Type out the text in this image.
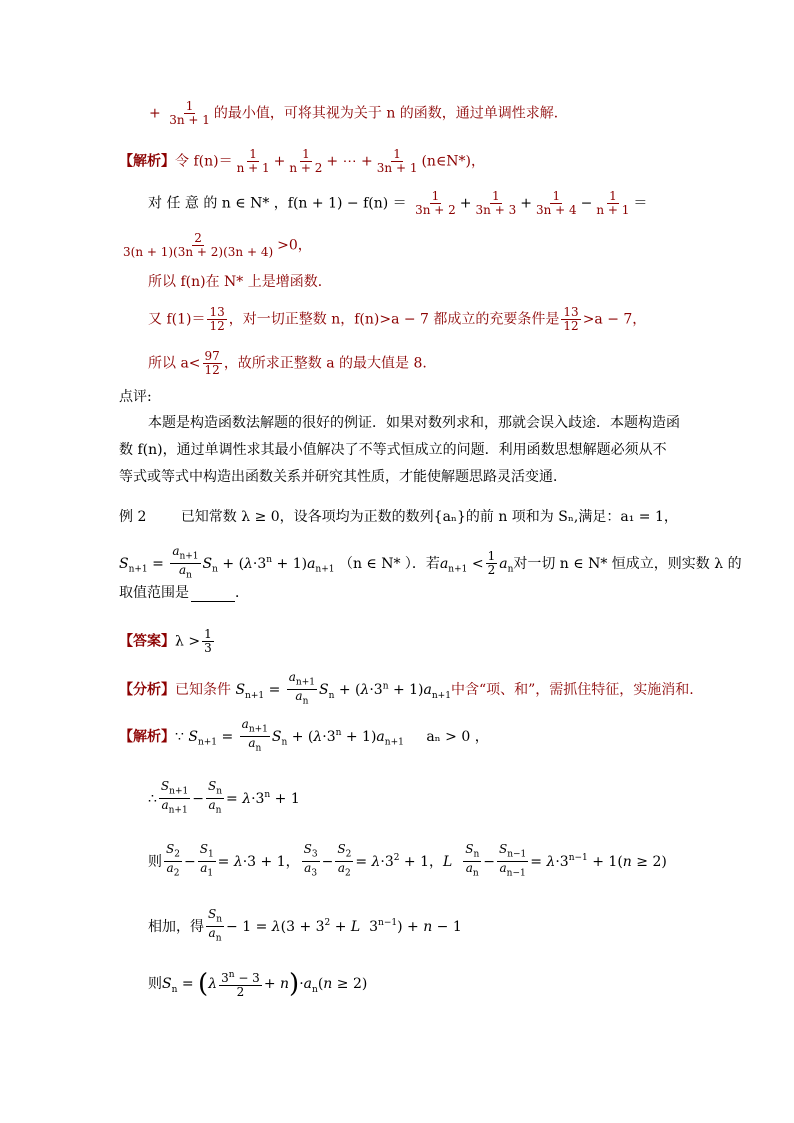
+ $\frac{1}{3n + 1}$ 的最小值，可将其视为关于 n 的函数，通过单调性求解．
【解析】令 $f(n)= \frac{1}{n + 1} + \frac{1}{n + 2}$ + ⋯ + $\frac{1}{3n + 1}$ (n∈N*)，
对 任 意 的 n ∈ N* ，$f(n + 1) - f(n) = \frac{1}{3n + 2} + \frac{1}{3n + 3} + \frac{1}{3n + 4} - \frac{1}{n + 1}$ ＝
$\frac{2}{3(n + 1)(3n + 2)(3n + 4)} >0$，
所以 f(n)在 N* 上是增函数．
又 $f(1)= \frac{13}{12}$ ，对一切正整数 n，f(n)>a − 7 都成立的充要条件是 $\frac{13}{12} >a - 7$，
所以 $a< \frac{97}{12}$ ，故所求正整数 a 的最大值是 8.
点评:
本题是构造函数法解题的很好的例证．如果对数列求和，那就会误入歧途．本题构造函
数 f(n)，通过单调性求其最小值解决了不等式恒成立的问题．利用函数思想解题必须从不
等式或等式中构造出函数关系并研究其性质，才能使解题思路灵活变通．
例 2 已知常数 λ ≥ 0，设各项均为正数的数列{aₙ}的前 n 项和为 Sₙ,满足：a₁ = 1，
$S_{n+1} = \frac{a_{n+1}}{a_n} S_n + (\lambda\cdot 3^n + 1)a_{n+1}$ （n ∈ N* ）．若$a_{n+1} < \frac{1}{2} a_n$对一切 n ∈ N* 恒成立，则实数 λ 的
取值范围是	．
【答案】$\lambda > \frac{1}{3}$
【分析】已知条件 $S_{n+1} = \frac{a_{n+1}}{a_n} S_n + (\lambda\cdot 3^n + 1)a_{n+1}$中含“项、和”，需抓住特征，实施消和.
【解析】∵ $S_{n+1} = \frac{a_{n+1}}{a_n} S_n + (\lambda\cdot 3^n + 1)a_{n+1}$ aₙ > 0 ，
∴ $\frac{S_{n+1}}{a_{n+1}} - \frac{S_n}{a_n} = \lambda\cdot 3^n + 1$
则 $\frac{S_2}{a_2} - \frac{S_1}{a_1} = \lambda\cdot 3 + 1$， $\frac{S_3}{a_3} - \frac{S_2}{a_2} = \lambda\cdot 3^2 + 1$，L $\frac{S_n}{a_n} - \frac{S_{n-1}}{a_{n-1}} = \lambda\cdot 3^{n-1} + 1(n \ge 2)$
相加，得 $\frac{S_n}{a_n} - 1 = \lambda(3 + 3^2 + L$  $3^{n-1}) + n - 1$
则$S_n = (\lambda \frac{3^n - 3}{2} + n)\cdot a_n(n \ge 2)$
